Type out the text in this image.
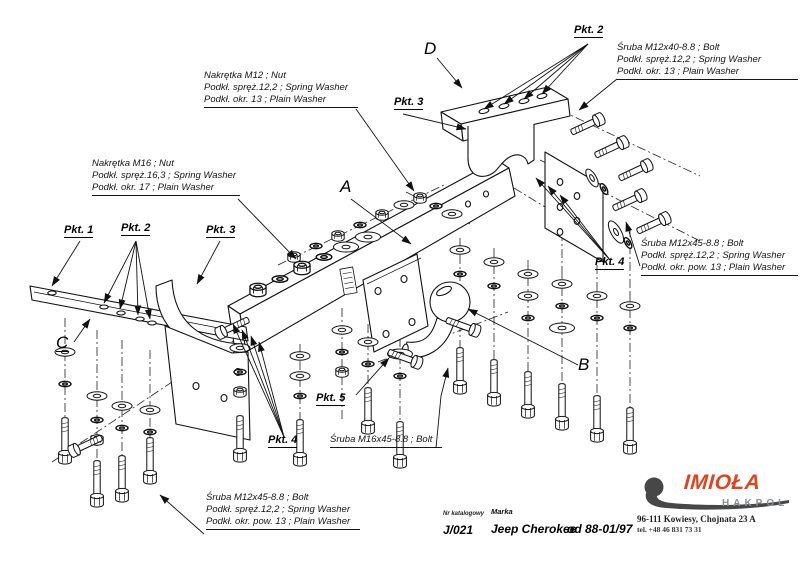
Nakrętka M12 ; Nut
Podkł. spręż.12,2 ; Spring Washer
Podkł. okr. 13 ; Plain Washer
Nakrętka M16 ; Nut
Podkł. spręż.16,3 ; Spring Washer
Podkł. okr. 17 ; Plain Washer
Śruba M12x40-8.8 ; Bolt
Podkł. spręż.12,2 ; Spring Washer
Podkł. okr. 13 ; Plain Washer
Śruba M12x45-8.8 ; Bolt
Podkł. spręż.12,2 ; Spring Washer
Podkł. okr. pow. 13 ; Plain Washer
Śruba M12x45-8.8 ; Bolt
Podkł. spręż.12,2 ; Spring Washer
Podkł. okr. pow. 13 ; Plain Washer
Śruba M16x45-8.8 ; Bolt
Pkt. 2
Pkt. 3
Pkt. 1	Pkt. 2	Pkt. 3
Pkt. 4
Pkt. 5
Pkt. 4
D
A
C
B
Nr katalogowy
J/021
Marka
Jeep Cherokee
od 88-01/97
IMIOŁA
HAKPOL
96-111 Kowiesy, Chojnata 23 A
tel. +48 46 831 73 31
